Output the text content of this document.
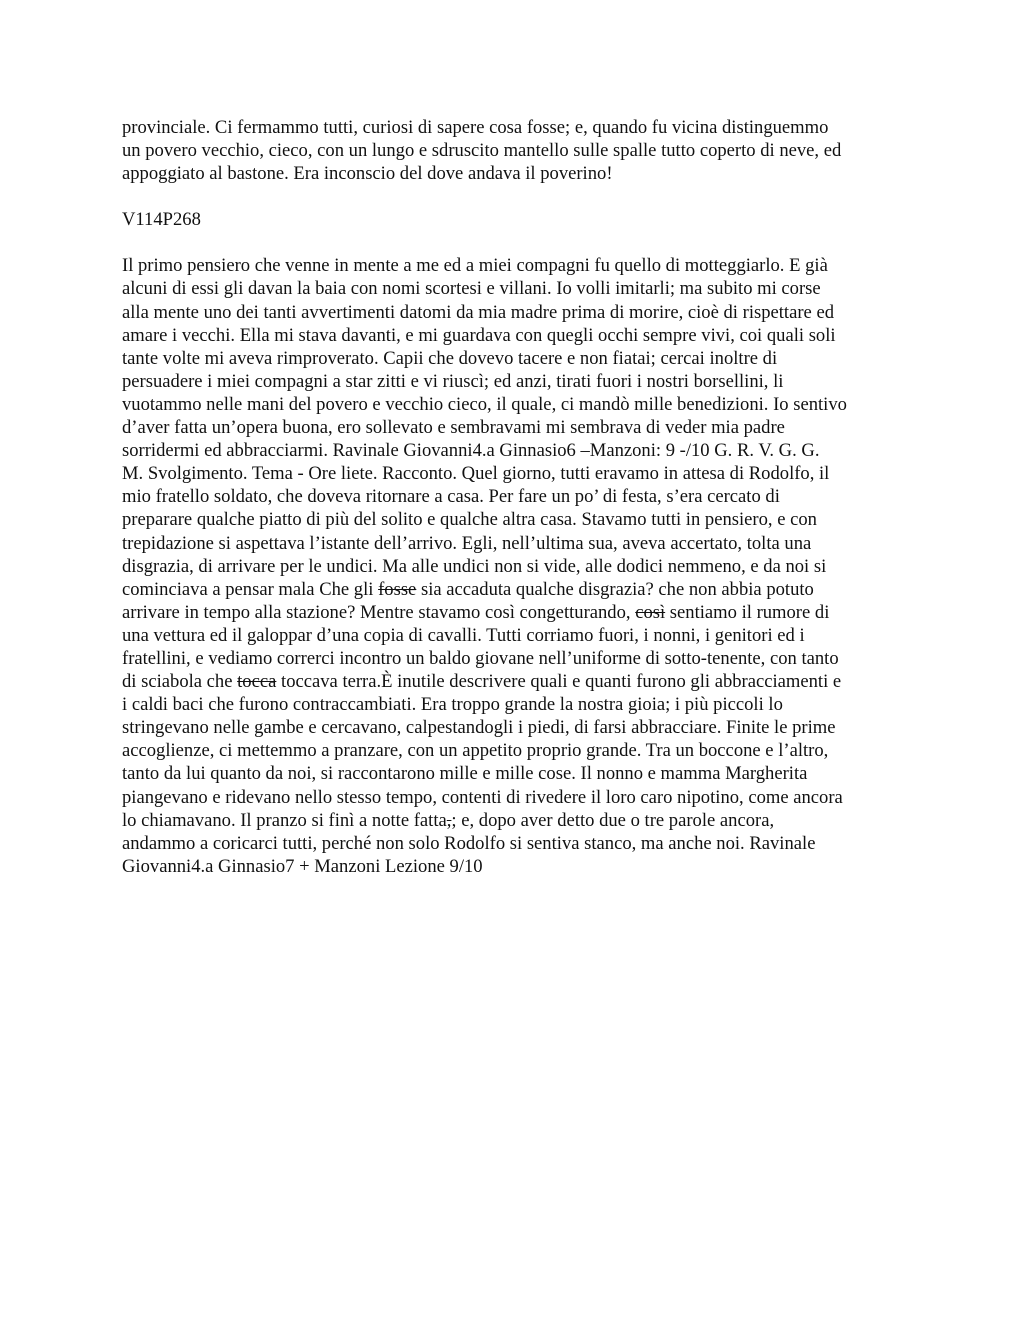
provinciale. Ci fermammo tutti, curiosi di sapere cosa fosse; e, quando fu vicina distinguemmo
un povero vecchio, cieco, con un lungo e sdruscito mantello sulle spalle tutto coperto di neve, ed
appoggiato al bastone. Era inconscio del dove andava il poverino!

V114P268

Il primo pensiero che venne in mente a me ed a miei compagni fu quello di motteggiarlo. E già
alcuni di essi gli davan la baia con nomi scortesi e villani. Io volli imitarli; ma subito mi corse
alla mente uno dei tanti avvertimenti datomi da mia madre prima di morire, cioè di rispettare ed
amare i vecchi. Ella mi stava davanti, e mi guardava con quegli occhi sempre vivi, coi quali soli
tante volte mi aveva rimproverato. Capii che dovevo tacere e non fiatai; cercai inoltre di
persuadere i miei compagni a star zitti e vi riuscì; ed anzi, tirati fuori i nostri borsellini, li
vuotammo nelle mani del povero e vecchio cieco, il quale, ci mandò mille benedizioni. Io sentivo
d’aver fatta un’opera buona, ero sollevato e sembravami mi sembrava di veder mia padre
sorridermi ed abbracciarmi. Ravinale Giovanni4.a Ginnasio6 –Manzoni: 9 -/10 G. R. V. G. G.
M. Svolgimento. Tema - Ore liete. Racconto. Quel giorno, tutti eravamo in attesa di Rodolfo, il
mio fratello soldato, che doveva ritornare a casa. Per fare un po’ di festa, s’era cercato di
preparare qualche piatto di più del solito e qualche altra casa. Stavamo tutti in pensiero, e con
trepidazione si aspettava l’istante dell’arrivo. Egli, nell’ultima sua, aveva accertato, tolta una
disgrazia, di arrivare per le undici. Ma alle undici non si vide, alle dodici nemmeno, e da noi si
cominciava a pensar mala Che gli fosse sia accaduta qualche disgrazia? che non abbia potuto
arrivare in tempo alla stazione? Mentre stavamo così congetturando, così sentiamo il rumore di
una vettura ed il galoppar d’una copia di cavalli. Tutti corriamo fuori, i nonni, i genitori ed i
fratellini, e vediamo correrci incontro un baldo giovane nell’uniforme di sotto-tenente, con tanto
di sciabola che tocca toccava terra.È inutile descrivere quali e quanti furono gli abbracciamenti e
i caldi baci che furono contraccambiati. Era troppo grande la nostra gioia; i più piccoli lo
stringevano nelle gambe e cercavano, calpestandogli i piedi, di farsi abbracciare. Finite le prime
accoglienze, ci mettemmo a pranzare, con un appetito proprio grande. Tra un boccone e l’altro,
tanto da lui quanto da noi, si raccontarono mille e mille cose. Il nonno e mamma Margherita
piangevano e ridevano nello stesso tempo, contenti di rivedere il loro caro nipotino, come ancora
lo chiamavano. Il pranzo si finì a notte fatta,; e, dopo aver detto due o tre parole ancora,
andammo a coricarci tutti, perché non solo Rodolfo si sentiva stanco, ma anche noi. Ravinale
Giovanni4.a Ginnasio7 + Manzoni Lezione 9/10
